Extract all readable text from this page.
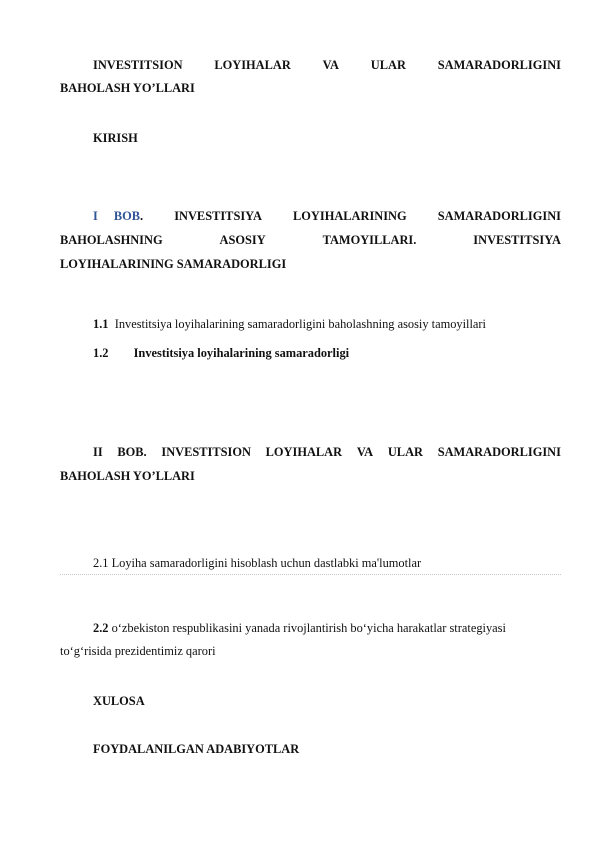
INVESTITSION	LOYIHALAR	VA	ULAR	SAMARADORLIGINI
BAHOLASH YO’LLARI
KIRISH
I BOB.	INVESTITSIYA	LOYIHALARINING	SAMARADORLIGINI
BAHOLASHNING	ASOSIY	TAMOYILLARI.	INVESTITSIYA
LOYIHALARINING SAMARADORLIGI
1.1 Investitsiya loyihalarining samaradorligini baholashning asosiy tamoyillari
1.2 Investitsiya loyihalarining samaradorligi
II BOB. INVESTITSION LOYIHALAR VA ULAR SAMARADORLIGINI
BAHOLASH YO’LLARI
2.1 Loyiha samaradorligini hisoblash uchun dastlabki ma'lumotlar
2.2 o‘zbekiston respublikasini yanada rivojlantirish bo‘yicha harakatlar strategiyasi
to‘g‘risida prezidentimiz qarori
XULOSA
FOYDALANILGAN ADABIYOTLAR
